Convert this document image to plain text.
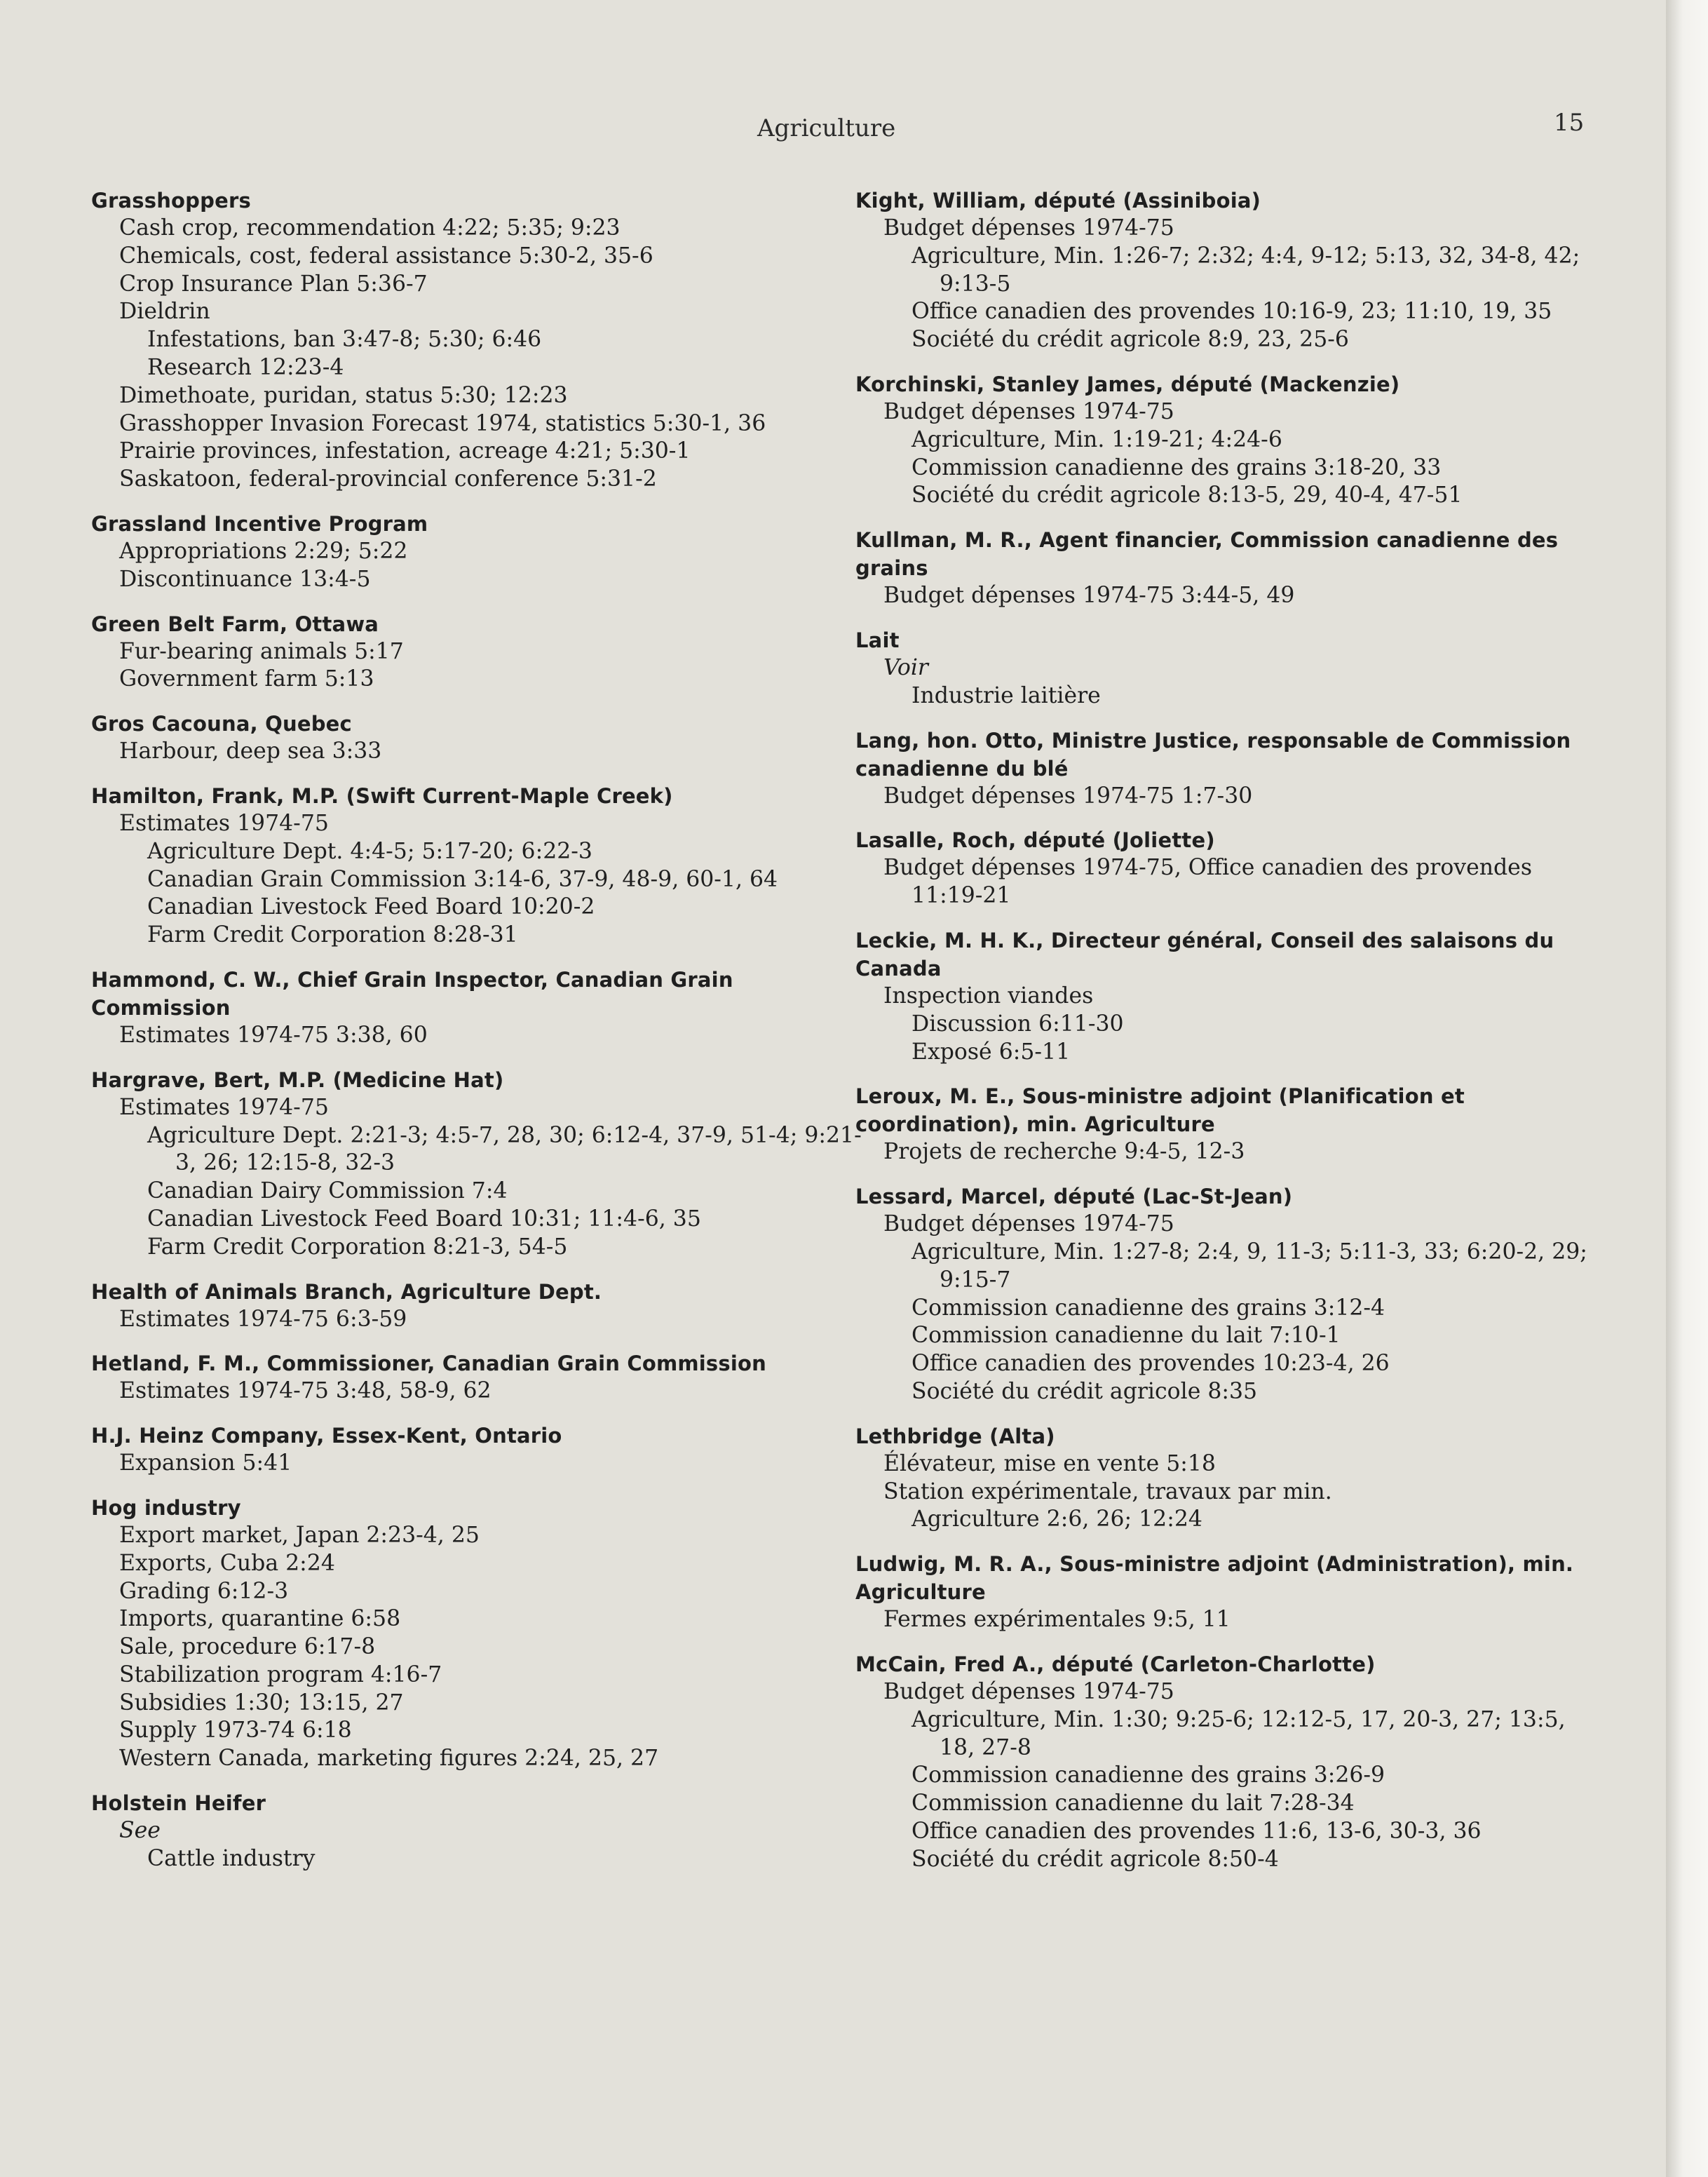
Agriculture	15
Grasshoppers
Cash crop, recommendation 4:22; 5:35; 9:23
Chemicals, cost, federal assistance 5:30-2, 35-6
Crop Insurance Plan 5:36-7
Dieldrin
Infestations, ban 3:47-8; 5:30; 6:46
Research 12:23-4
Dimethoate, puridan, status 5:30; 12:23
Grasshopper Invasion Forecast 1974, statistics 5:30-1, 36
Prairie provinces, infestation, acreage 4:21; 5:30-1
Saskatoon, federal-provincial conference 5:31-2
Grassland Incentive Program
Appropriations 2:29; 5:22
Discontinuance 13:4-5
Green Belt Farm, Ottawa
Fur-bearing animals 5:17
Government farm 5:13
Gros Cacouna, Quebec
Harbour, deep sea 3:33
Hamilton, Frank, M.P. (Swift Current-Maple Creek)
Estimates 1974-75
Agriculture Dept. 4:4-5; 5:17-20; 6:22-3
Canadian Grain Commission 3:14-6, 37-9, 48-9, 60-1, 64
Canadian Livestock Feed Board 10:20-2
Farm Credit Corporation 8:28-31
Hammond, C. W., Chief Grain Inspector, Canadian Grain Commission
Estimates 1974-75 3:38, 60
Hargrave, Bert, M.P. (Medicine Hat)
Estimates 1974-75
Agriculture Dept. 2:21-3; 4:5-7, 28, 30; 6:12-4, 37-9, 51-4; 9:21-3, 26; 12:15-8, 32-3
Canadian Dairy Commission 7:4
Canadian Livestock Feed Board 10:31; 11:4-6, 35
Farm Credit Corporation 8:21-3, 54-5
Health of Animals Branch, Agriculture Dept.
Estimates 1974-75 6:3-59
Hetland, F. M., Commissioner, Canadian Grain Commission
Estimates 1974-75 3:48, 58-9, 62
H.J. Heinz Company, Essex-Kent, Ontario
Expansion 5:41
Hog industry
Export market, Japan 2:23-4, 25
Exports, Cuba 2:24
Grading 6:12-3
Imports, quarantine 6:58
Sale, procedure 6:17-8
Stabilization program 4:16-7
Subsidies 1:30; 13:15, 27
Supply 1973-74 6:18
Western Canada, marketing figures 2:24, 25, 27
Holstein Heifer
See
Cattle industry
Kight, William, député (Assiniboia)
Budget dépenses 1974-75
Agriculture, Min. 1:26-7; 2:32; 4:4, 9-12; 5:13, 32, 34-8, 42; 9:13-5
Office canadien des provendes 10:16-9, 23; 11:10, 19, 35
Société du crédit agricole 8:9, 23, 25-6
Korchinski, Stanley James, député (Mackenzie)
Budget dépenses 1974-75
Agriculture, Min. 1:19-21; 4:24-6
Commission canadienne des grains 3:18-20, 33
Société du crédit agricole 8:13-5, 29, 40-4, 47-51
Kullman, M. R., Agent financier, Commission canadienne des grains
Budget dépenses 1974-75 3:44-5, 49
Lait
Voir
Industrie laitière
Lang, hon. Otto, Ministre Justice, responsable de Commission canadienne du blé
Budget dépenses 1974-75 1:7-30
Lasalle, Roch, député (Joliette)
Budget dépenses 1974-75, Office canadien des provendes 11:19-21
Leckie, M. H. K., Directeur général, Conseil des salaisons du Canada
Inspection viandes
Discussion 6:11-30
Exposé 6:5-11
Leroux, M. E., Sous-ministre adjoint (Planification et coordination), min. Agriculture
Projets de recherche 9:4-5, 12-3
Lessard, Marcel, député (Lac-St-Jean)
Budget dépenses 1974-75
Agriculture, Min. 1:27-8; 2:4, 9, 11-3; 5:11-3, 33; 6:20-2, 29; 9:15-7
Commission canadienne des grains 3:12-4
Commission canadienne du lait 7:10-1
Office canadien des provendes 10:23-4, 26
Société du crédit agricole 8:35
Lethbridge (Alta)
Élévateur, mise en vente 5:18
Station expérimentale, travaux par min.
Agriculture 2:6, 26; 12:24
Ludwig, M. R. A., Sous-ministre adjoint (Administration), min. Agriculture
Fermes expérimentales 9:5, 11
McCain, Fred A., député (Carleton-Charlotte)
Budget dépenses 1974-75
Agriculture, Min. 1:30; 9:25-6; 12:12-5, 17, 20-3, 27; 13:5, 18, 27-8
Commission canadienne des grains 3:26-9
Commission canadienne du lait 7:28-34
Office canadien des provendes 11:6, 13-6, 30-3, 36
Société du crédit agricole 8:50-4
